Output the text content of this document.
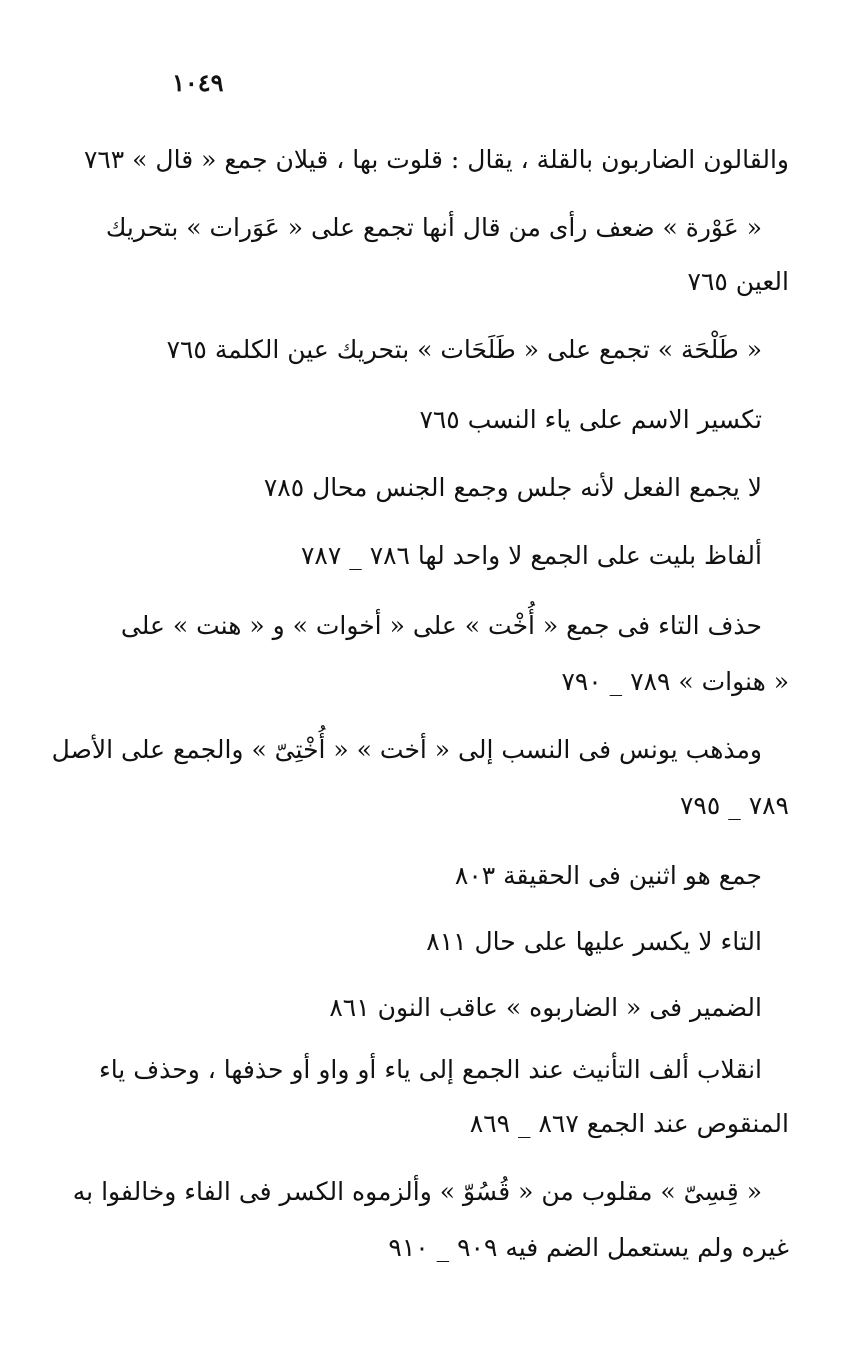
١٠٤٩
والقالون الضاربون بالقلة ، يقال : قلوت بها ، قيلان جمع « قال » ٧٦٣
« عَوْرة » ضعف رأى من قال أنها تجمع على « عَوَرات » بتحريك
العين ٧٦٥
« طَلْحَة » تجمع على « طَلَحَات » بتحريك عين الكلمة ٧٦٥
تكسير الاسم على ياء النسب ٧٦٥
لا يجمع الفعل لأنه جلس وجمع الجنس محال ٧٨٥
ألفاظ بليت على الجمع لا واحد لها ٧٨٦ _ ٧٨٧
حذف التاء فى جمع « أُخْت » على « أخوات » و « هنت » على
« هنوات » ٧٨٩ _ ٧٩٠
ومذهب يونس فى النسب إلى « أخت » « أُخْتِىّ » والجمع على الأصل
٧٨٩ _ ٧٩٥
جمع هو اثنين فى الحقيقة ٨٠٣
التاء لا يكسر عليها على حال ٨١١
الضمير فى « الضاربوه » عاقب النون ٨٦١
انقلاب ألف التأنيث عند الجمع إلى ياء أو واو أو حذفها ، وحذف ياء
المنقوص عند الجمع ٨٦٧ _ ٨٦٩
« قِسِىّ » مقلوب من « قُسُوّ » وألزموه الكسر فى الفاء وخالفوا به
غيره ولم يستعمل الضم فيه ٩٠٩ _ ٩١٠
